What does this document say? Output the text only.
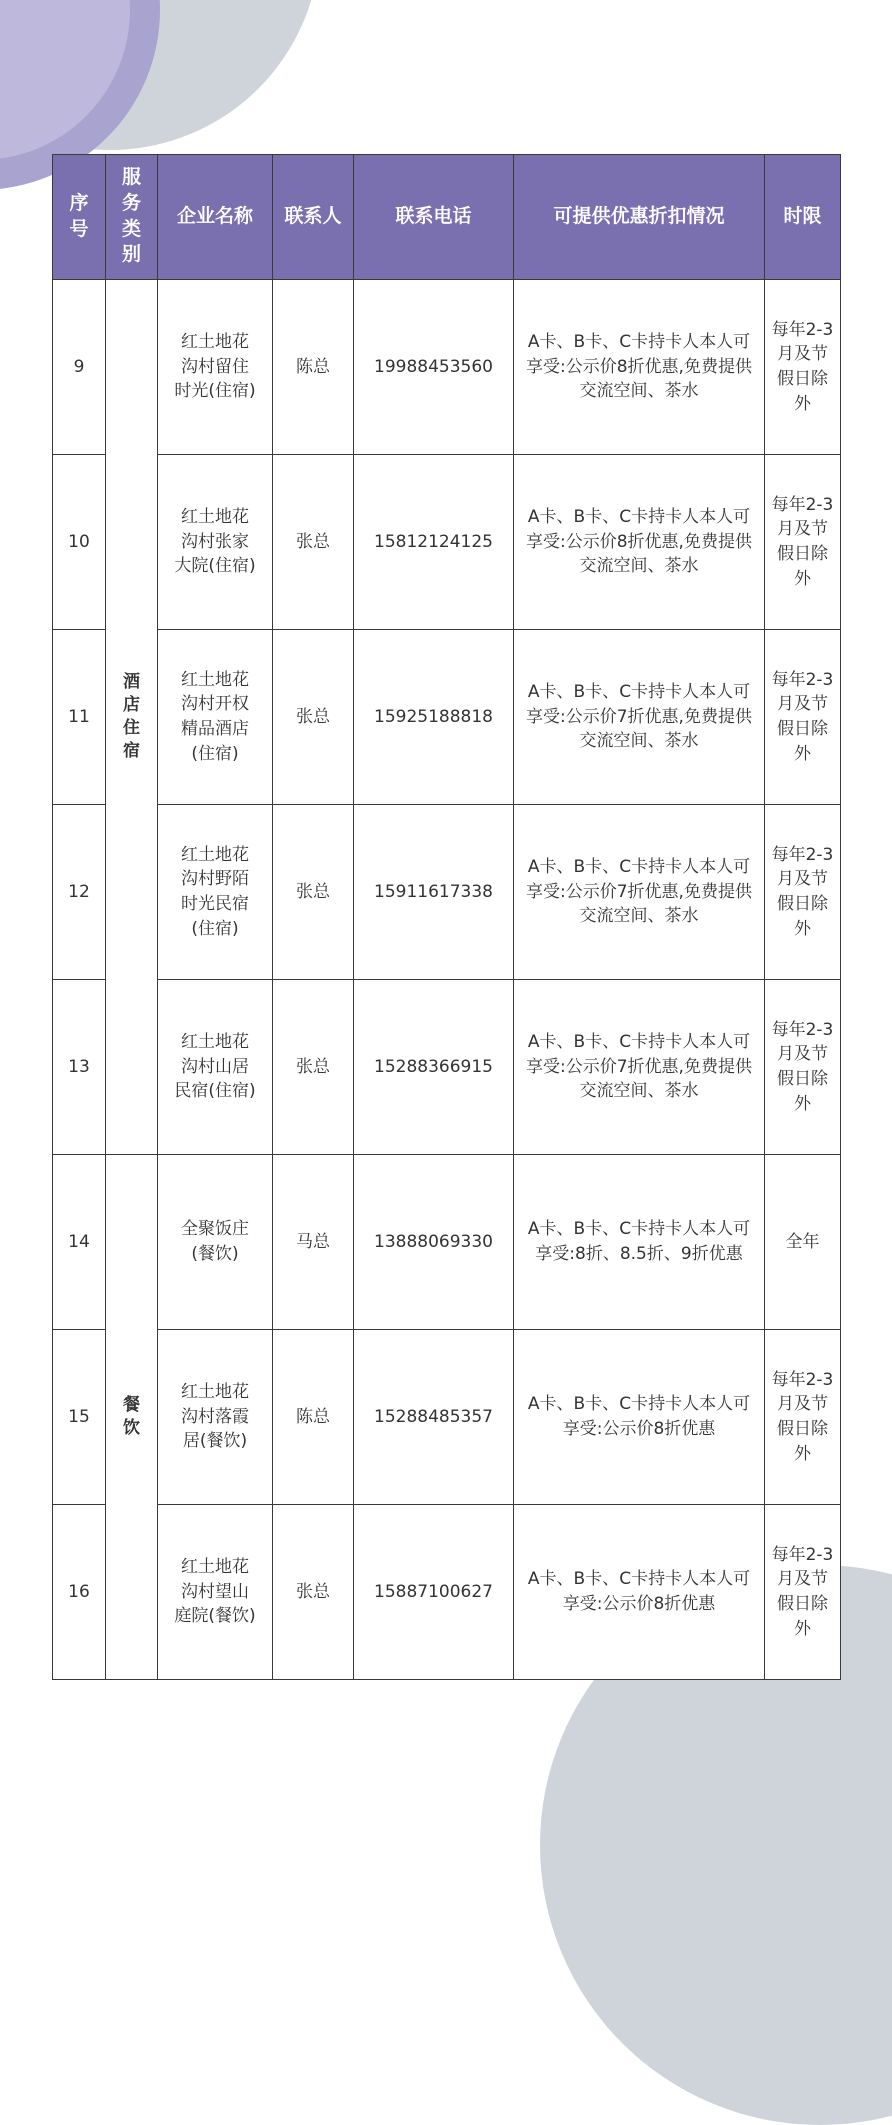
序号	服务类别	企业名称	联系人	联系电话	可提供优惠折扣情况	时限
9	酒店住宿	红土地花沟村留住时光(住宿)	陈总	19988453560	A卡、B卡、C卡持卡人本人可享受:公示价8折优惠,免费提供交流空间、茶水	每年2-3月及节假日除外
10		红土地花沟村张家大院(住宿)	张总	15812124125	A卡、B卡、C卡持卡人本人可享受:公示价8折优惠,免费提供交流空间、茶水	每年2-3月及节假日除外
11		红土地花沟村开权精品酒店(住宿)	张总	15925188818	A卡、B卡、C卡持卡人本人可享受:公示价7折优惠,免费提供交流空间、茶水	每年2-3月及节假日除外
12		红土地花沟村野陌时光民宿(住宿)	张总	15911617338	A卡、B卡、C卡持卡人本人可享受:公示价7折优惠,免费提供交流空间、茶水	每年2-3月及节假日除外
13		红土地花沟村山居民宿(住宿)	张总	15288366915	A卡、B卡、C卡持卡人本人可享受:公示价7折优惠,免费提供交流空间、茶水	每年2-3月及节假日除外
14	餐饮	全聚饭庄(餐饮)	马总	13888069330	A卡、B卡、C卡持卡人本人可享受:8折、8.5折、9折优惠	全年
15		红土地花沟村落霞居(餐饮)	陈总	15288485357	A卡、B卡、C卡持卡人本人可享受:公示价8折优惠	每年2-3月及节假日除外
16		红土地花沟村望山庭院(餐饮)	张总	15887100627	A卡、B卡、C卡持卡人本人可享受:公示价8折优惠	每年2-3月及节假日除外
